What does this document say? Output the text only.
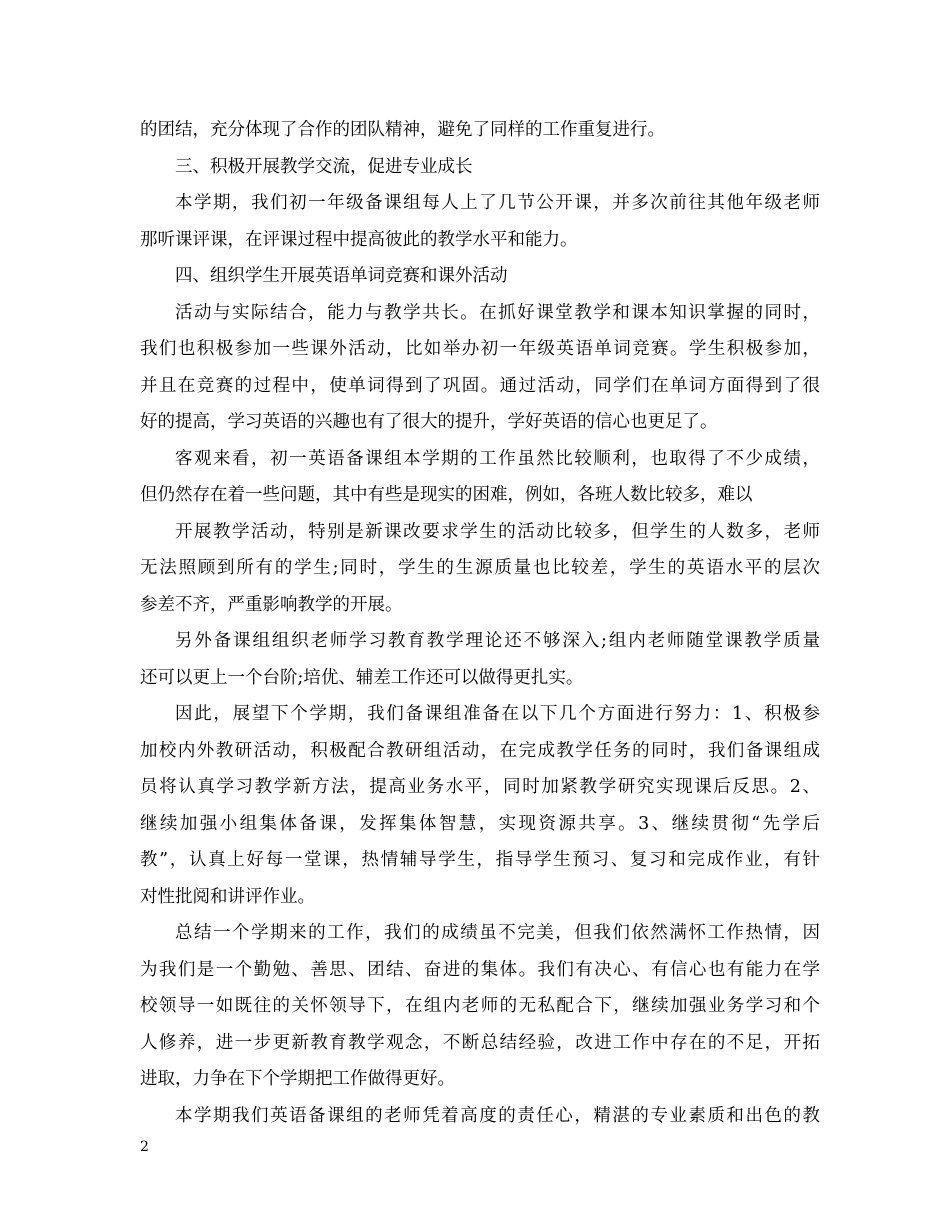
的团结，充分体现了合作的团队精神，避免了同样的工作重复进行。
三、积极开展教学交流，促进专业成长
本学期，我们初一年级备课组每人上了几节公开课，并多次前往其他年级老师
那听课评课，在评课过程中提高彼此的教学水平和能力。
四、组织学生开展英语单词竞赛和课外活动
活动与实际结合，能力与教学共长。在抓好课堂教学和课本知识掌握的同时，
我们也积极参加一些课外活动，比如举办初一年级英语单词竞赛。学生积极参加，
并且在竞赛的过程中，使单词得到了巩固。通过活动，同学们在单词方面得到了很
好的提高，学习英语的兴趣也有了很大的提升，学好英语的信心也更足了。
客观来看，初一英语备课组本学期的工作虽然比较顺利，也取得了不少成绩，
但仍然存在着一些问题，其中有些是现实的困难，例如，各班人数比较多，难以
开展教学活动，特别是新课改要求学生的活动比较多，但学生的人数多，老师
无法照顾到所有的学生;同时，学生的生源质量也比较差，学生的英语水平的层次
参差不齐，严重影响教学的开展。
另外备课组组织老师学习教育教学理论还不够深入;组内老师随堂课教学质量
还可以更上一个台阶;培优、辅差工作还可以做得更扎实。
因此，展望下个学期，我们备课组准备在以下几个方面进行努力：1、积极参
加校内外教研活动，积极配合教研组活动，在完成教学任务的同时，我们备课组成
员将认真学习教学新方法，提高业务水平，同时加紧教学研究实现课后反思。2、
继续加强小组集体备课，发挥集体智慧，实现资源共享。3、继续贯彻“先学后
教”，认真上好每一堂课，热情辅导学生，指导学生预习、复习和完成作业，有针
对性批阅和讲评作业。
总结一个学期来的工作，我们的成绩虽不完美，但我们依然满怀工作热情，因
为我们是一个勤勉、善思、团结、奋进的集体。我们有决心、有信心也有能力在学
校领导一如既往的关怀领导下，在组内老师的无私配合下，继续加强业务学习和个
人修养，进一步更新教育教学观念，不断总结经验，改进工作中存在的不足，开拓
进取，力争在下个学期把工作做得更好。
本学期我们英语备课组的老师凭着高度的责任心，精湛的专业素质和出色的教
2
